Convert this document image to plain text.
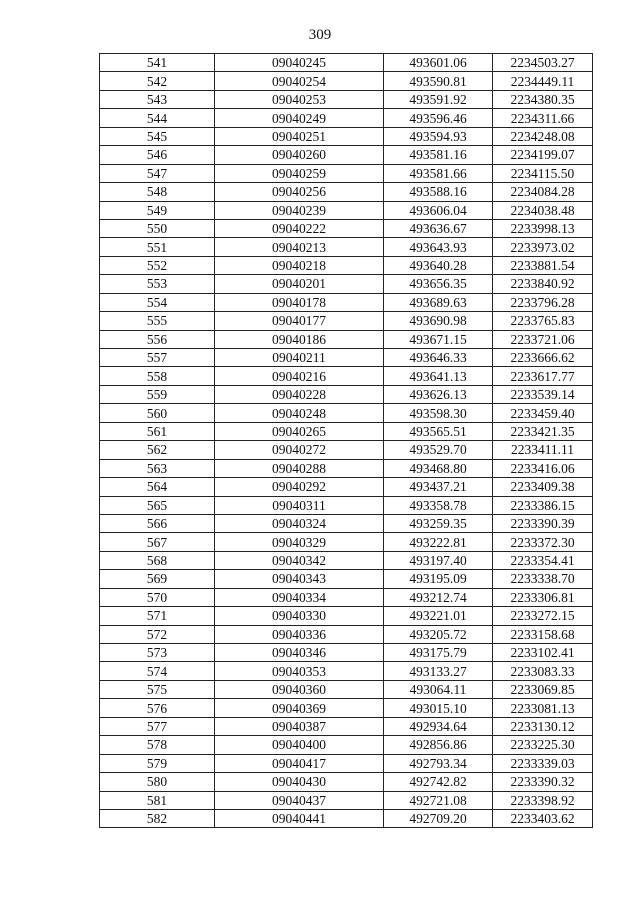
309
541	09040245	493601.06	2234503.27
542	09040254	493590.81	2234449.11
543	09040253	493591.92	2234380.35
544	09040249	493596.46	2234311.66
545	09040251	493594.93	2234248.08
546	09040260	493581.16	2234199.07
547	09040259	493581.66	2234115.50
548	09040256	493588.16	2234084.28
549	09040239	493606.04	2234038.48
550	09040222	493636.67	2233998.13
551	09040213	493643.93	2233973.02
552	09040218	493640.28	2233881.54
553	09040201	493656.35	2233840.92
554	09040178	493689.63	2233796.28
555	09040177	493690.98	2233765.83
556	09040186	493671.15	2233721.06
557	09040211	493646.33	2233666.62
558	09040216	493641.13	2233617.77
559	09040228	493626.13	2233539.14
560	09040248	493598.30	2233459.40
561	09040265	493565.51	2233421.35
562	09040272	493529.70	2233411.11
563	09040288	493468.80	2233416.06
564	09040292	493437.21	2233409.38
565	09040311	493358.78	2233386.15
566	09040324	493259.35	2233390.39
567	09040329	493222.81	2233372.30
568	09040342	493197.40	2233354.41
569	09040343	493195.09	2233338.70
570	09040334	493212.74	2233306.81
571	09040330	493221.01	2233272.15
572	09040336	493205.72	2233158.68
573	09040346	493175.79	2233102.41
574	09040353	493133.27	2233083.33
575	09040360	493064.11	2233069.85
576	09040369	493015.10	2233081.13
577	09040387	492934.64	2233130.12
578	09040400	492856.86	2233225.30
579	09040417	492793.34	2233339.03
580	09040430	492742.82	2233390.32
581	09040437	492721.08	2233398.92
582	09040441	492709.20	2233403.62
